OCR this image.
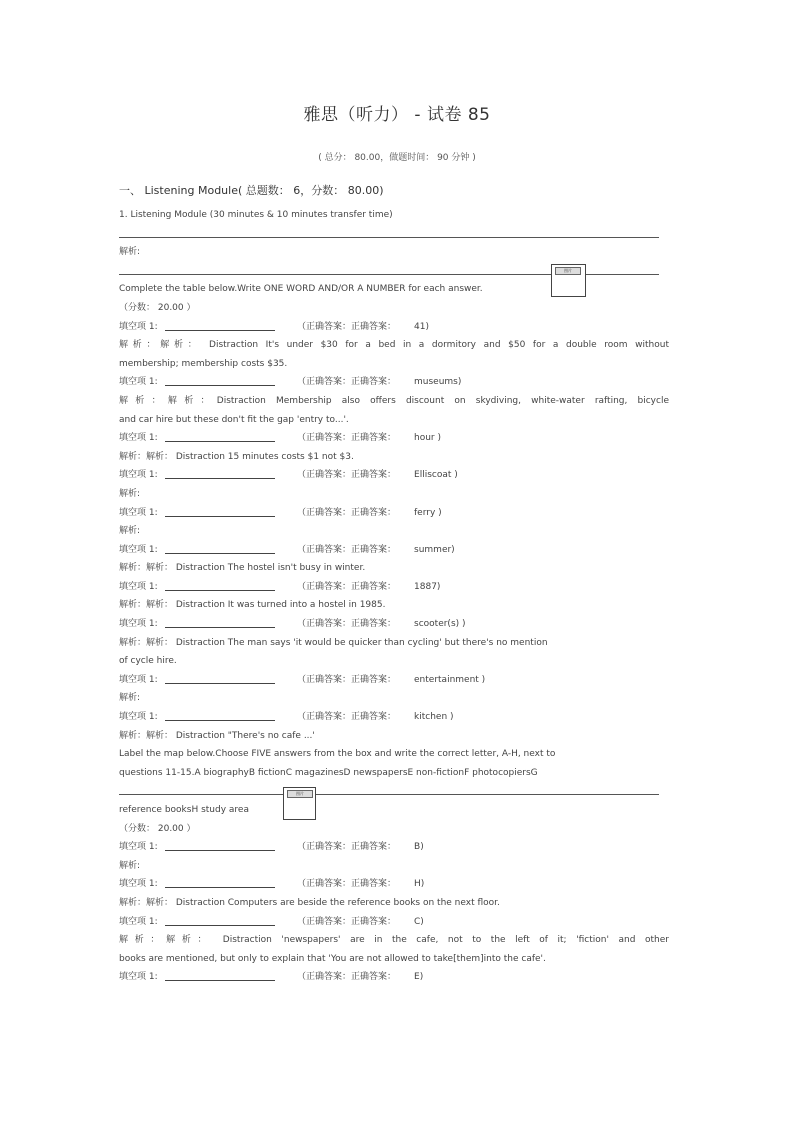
雅思（听力） - 试卷 85
( 总分： 80.00，做题时间： 90 分钟 )
一、 Listening Module( 总题数： 6，分数： 80.00)
1. Listening Module (30 minutes & 10 minutes transfer time)
解析:
Complete the table below.Write ONE WORD AND/OR A NUMBER for each answer.
（分数： 20.00 ）
填空项 1:	（正确答案：正确答案： 41)
解析：解析： Distraction It's under $30 for a bed in a dormitory and $50 for a double room without
membership; membership costs $35.
填空项 1:	（正确答案：正确答案： museums)
解析：解析：Distraction Membership also offers discount on skydiving, white-water rafting, bicycle
and car hire but these don't fit the gap 'entry to...'.
填空项 1:	（正确答案：正确答案： hour )
解析：解析： Distraction 15 minutes costs $1 not $3.
填空项 1:	（正确答案：正确答案： Elliscoat )
解析:
填空项 1:	（正确答案：正确答案： ferry )
解析:
填空项 1:	（正确答案：正确答案： summer)
解析：解析： Distraction The hostel isn't busy in winter.
填空项 1:	（正确答案：正确答案： 1887)
解析：解析： Distraction It was turned into a hostel in 1985.
填空项 1:	（正确答案：正确答案： scooter(s) )
解析：解析： Distraction The man says 'it would be quicker than cycling' but there's no mention
of cycle hire.
填空项 1:	（正确答案：正确答案： entertainment )
解析:
填空项 1:	（正确答案：正确答案： kitchen )
解析：解析： Distraction "There's no cafe ...'
Label the map below.Choose FIVE answers from the box and write the correct letter, A-H, next to
questions 11-15.A biographyB fictionC magazinesD newspapersE non-fictionF photocopiersG
reference booksH study area
（分数： 20.00 ）
填空项 1:	（正确答案：正确答案： B)
解析:
填空项 1:	（正确答案：正确答案： H)
解析：解析： Distraction Computers are beside the reference books on the next floor.
填空项 1:	（正确答案：正确答案： C)
解析：解析： Distraction 'newspapers' are in the cafe, not to the left of it; 'fiction' and other
books are mentioned, but only to explain that 'You are not allowed to take[them]into the cafe'.
填空项 1:	（正确答案：正确答案： E)
图片
图片
